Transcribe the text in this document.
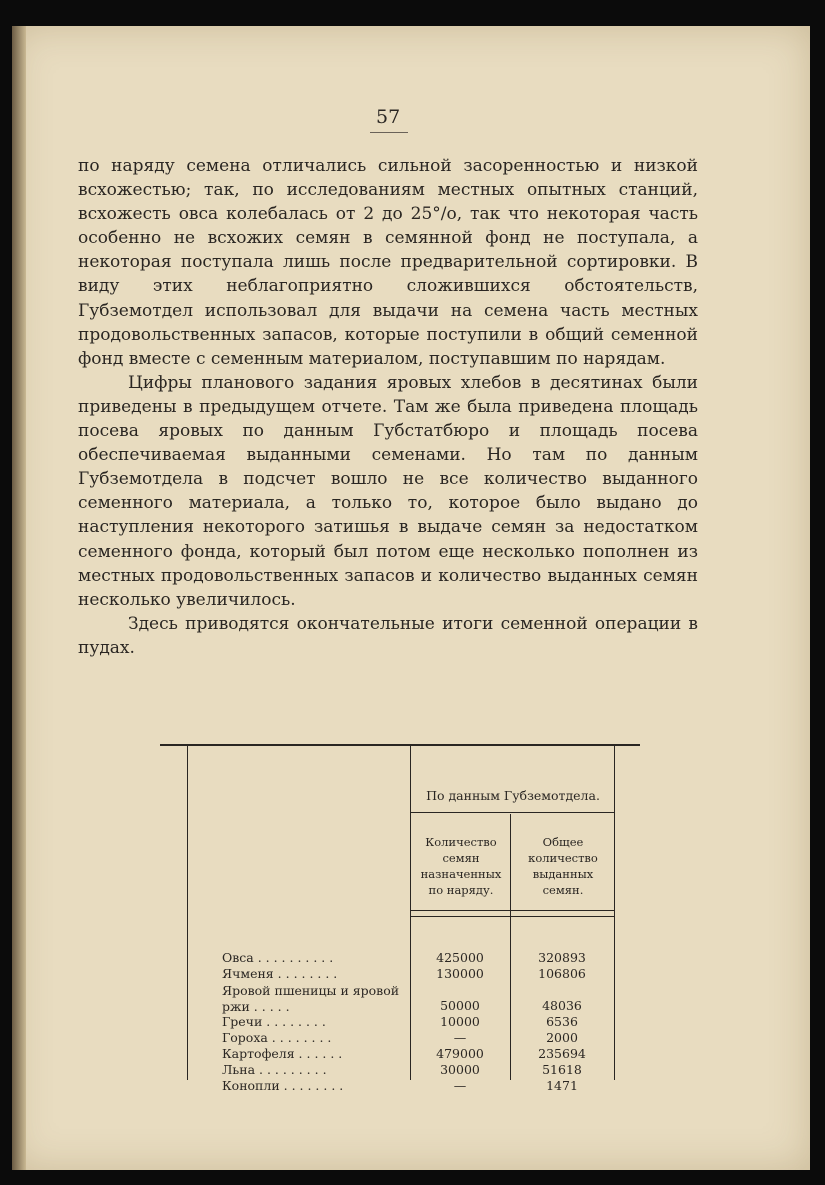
57

по наряду семена отличались сильной засоренностью и низкой всхожестью; так, по исследованиям местных опытных станций, всхожесть овса колебалась от 2 до 25°/о, так что некоторая часть особенно не всхожих семян в семянной фонд не поступала, а некоторая поступала лишь после предварительной сортировки. В виду этих неблагоприятно сложившихся обстоятельств, Губземотдел использовал для выдачи на семена часть местных продовольственных запасов, которые поступили в общий семенной фонд вместе с семенным материалом, поступавшим по нарядам.

Цифры планового задания яровых хлебов в десятинах были приведены в предыдущем отчете. Там же была приведена площадь посева яровых по данным Губстатбюро и площадь посева обеспечиваемая выданными семенами. Но там по данным Губземотдела в подсчет вошло не все количество выданного семенного материала, а только то, которое было выдано до наступления некоторого затишья в выдаче семян за недостатком семенного фонда, который был потом еще несколько пополнен из местных продовольственных запасов и количество выданных семян несколько увеличилось.

Здесь приводятся окончательные итоги семенной операции в пудах.

По данным Губземотдела.
Количество семян назначенных по наряду.
Общее количество выданных семян.
Овса . . . . . . . . . .	425000	320893
Ячменя . . . . . . . .	130000	106806
Яровой пшеницы и яровой ржи . . . . .	50000	48036
Гречи . . . . . . . .	10000	6536
Гороха . . . . . . . .	—	2000
Картофеля . . . . . .	479000	235694
Льна . . . . . . . . .	30000	51618
Конопли . . . . . . . .	—	1471
